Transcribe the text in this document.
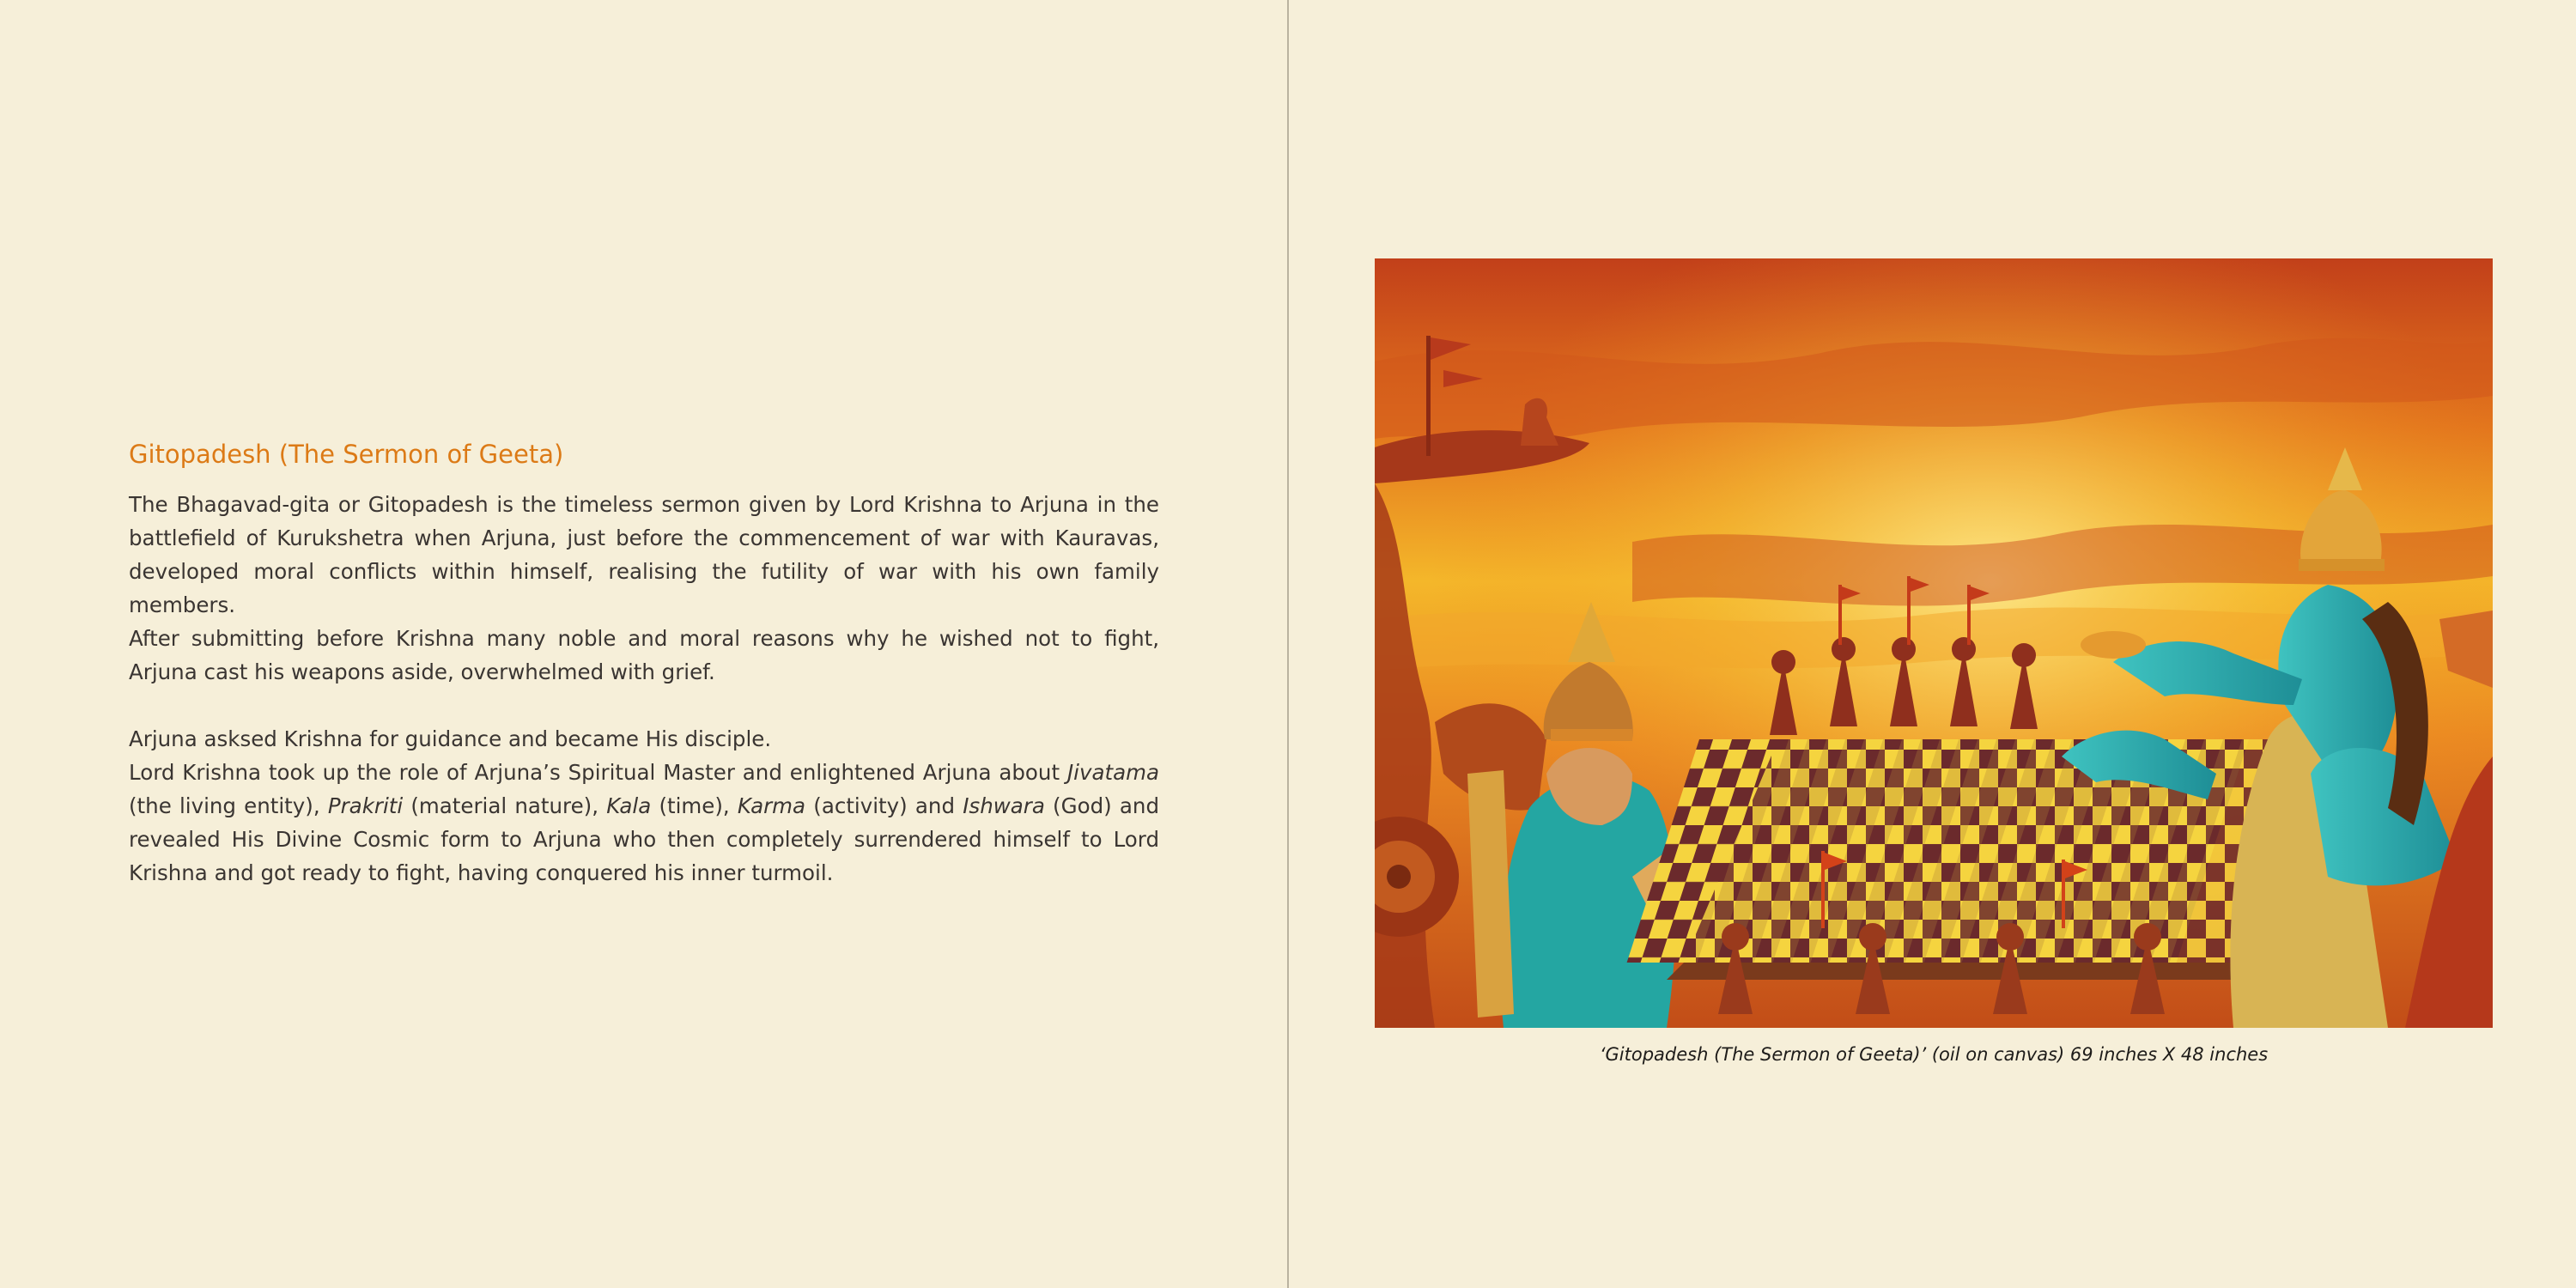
Gitopadesh (The Sermon of Geeta)

The Bhagavad-gita or Gitopadesh is the timeless sermon given by Lord Krishna to Arjuna in the battlefield of Kurukshetra when Arjuna, just before the commencement of war with Kauravas, developed moral conflicts within himself, realising the futility of war with his own family members.

After submitting before Krishna many noble and moral reasons why he wished not to fight, Arjuna cast his weapons aside, overwhelmed with grief.

Arjuna asksed Krishna for guidance and became His disciple.

Lord Krishna took up the role of Arjuna’s Spiritual Master and enlightened Arjuna about Jivatama (the living entity), Prakriti (material nature), Kala (time), Karma (activity) and Ishwara (God) and revealed His Divine Cosmic form to Arjuna who then completely surrendered himself to Lord Krishna and got ready to fight, having conquered his inner turmoil.

‘Gitopadesh (The Sermon of Geeta)’ (oil on canvas) 69 inches X 48 inches
